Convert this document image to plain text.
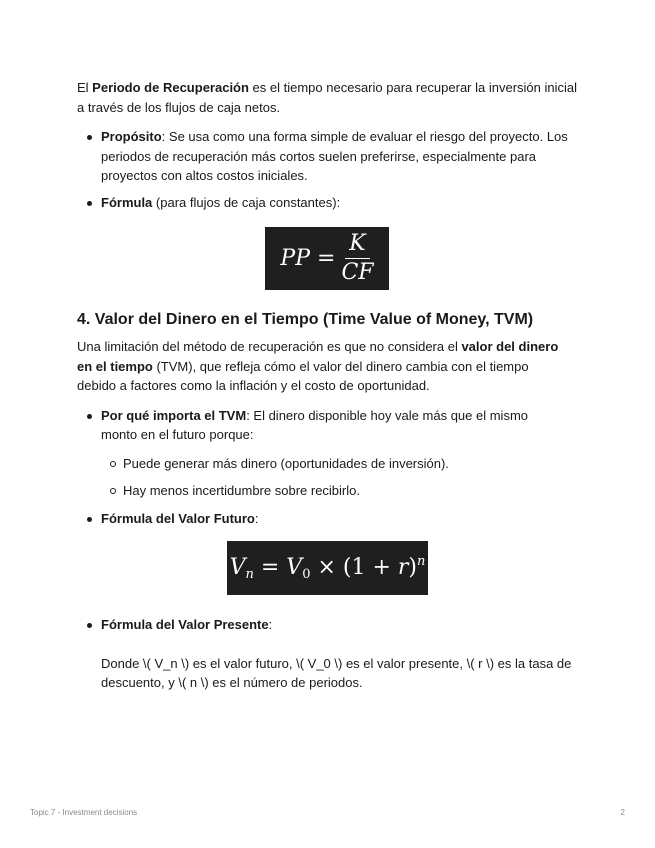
El Periodo de Recuperación es el tiempo necesario para recuperar la inversión inicial a través de los flujos de caja netos.

Propósito: Se usa como una forma simple de evaluar el riesgo del proyecto. Los periodos de recuperación más cortos suelen preferirse, especialmente para proyectos con altos costos iniciales.
Fórmula (para flujos de caja constantes):
PP = $\frac{K}{CF}$
4. Valor del Dinero en el Tiempo (Time Value of Money, TVM)

Una limitación del método de recuperación es que no considera el valor del dinero en el tiempo (TVM), que refleja cómo el valor del dinero cambia con el tiempo debido a factores como la inflación y el costo de oportunidad.

Por qué importa el TVM: El dinero disponible hoy vale más que el mismo monto en el futuro porque:
Puede generar más dinero (oportunidades de inversión).
Hay menos incertidumbre sobre recibirlo.
Fórmula del Valor Futuro:
$V_n = V_0 \times (1 + r)^n$
Fórmula del Valor Presente:

Donde \( V_n \) es el valor futuro, \( V_0 \) es el valor presente, \( r \) es la tasa de descuento, y \( n \) es el número de periodos.

Topic 7 - Investment decisions	2
